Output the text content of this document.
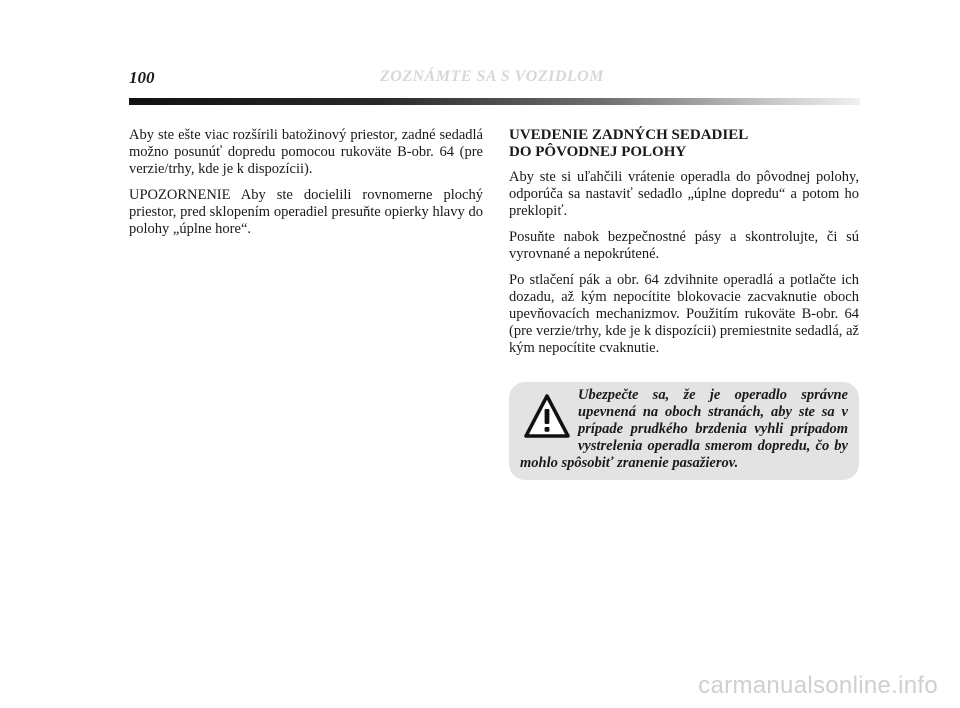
100	ZOZNÁMTE SA S VOZIDLOM

Aby ste ešte viac rozšírili batožinový priestor, zadné sedadlá možno posunúť dopredu pomocou rukoväte B-obr. 64 (pre verzie/trhy, kde je k dispozícii).

UPOZORNENIE Aby ste docielili rovnomerne plochý priestor, pred sklopením operadiel presuňte opierky hlavy do polohy „úplne hore“.

UVEDENIE ZADNÝCH SEDADIEL
DO PÔVODNEJ POLOHY

Aby ste si uľahčili vrátenie operadla do pôvodnej polohy, odporúča sa nastaviť sedadlo „úplne dopredu“ a potom ho preklopiť.

Posuňte nabok bezpečnostné pásy a skontrolujte, či sú vyrovnané a nepokrútené.

Po stlačení pák a obr. 64 zdvihnite operadlá a potlačte ich dozadu, až kým nepocítite blokovacie zacvaknutie oboch upevňovacích mechanizmov. Použitím rukoväte B-obr. 64 (pre verzie/trhy, kde je k dispozícii) premiestnite sedadlá, až kým nepocítite cvaknutie.

Ubezpečte sa, že je operadlo správne upevnená na oboch stranách, aby ste sa v prípade prudkého brzdenia vyhli prípadom vystrelenia operadla smerom dopredu, čo by mohlo spôsobiť zranenie pasažierov.

carmanualsonline.info
